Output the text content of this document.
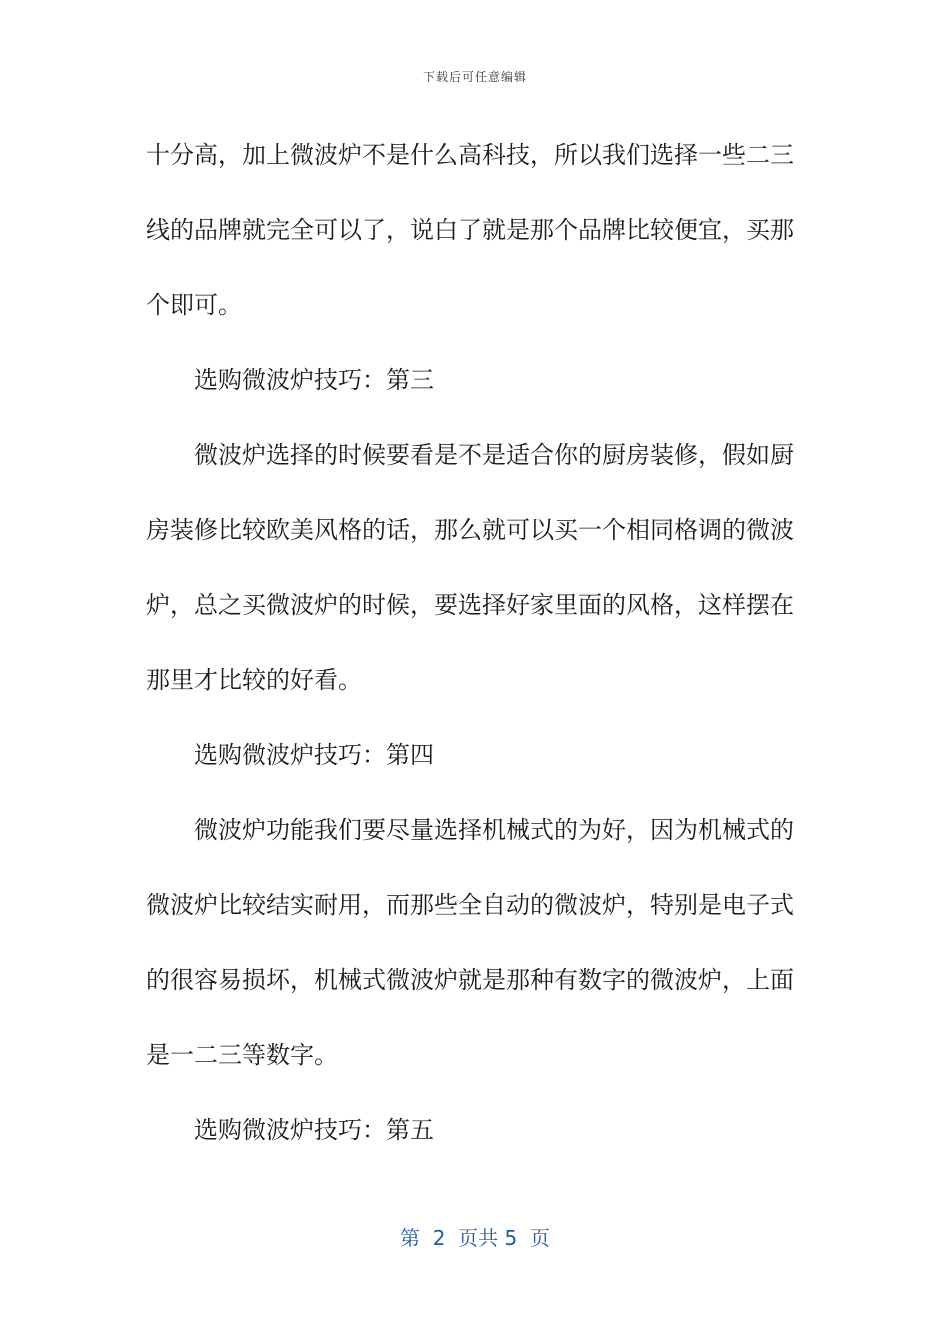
下载后可任意编辑
十分高，加上微波炉不是什么高科技，所以我们选择一些二三
线的品牌就完全可以了，说白了就是那个品牌比较便宜，买那
个即可。
选购微波炉技巧：第三
微波炉选择的时候要看是不是适合你的厨房装修，假如厨
房装修比较欧美风格的话，那么就可以买一个相同格调的微波
炉，总之买微波炉的时候，要选择好家里面的风格，这样摆在
那里才比较的好看。
选购微波炉技巧：第四
微波炉功能我们要尽量选择机械式的为好，因为机械式的
微波炉比较结实耐用，而那些全自动的微波炉，特别是电子式
的很容易损坏，机械式微波炉就是那种有数字的微波炉，上面
是一二三等数字。
选购微波炉技巧：第五
第  2  页共 5  页
